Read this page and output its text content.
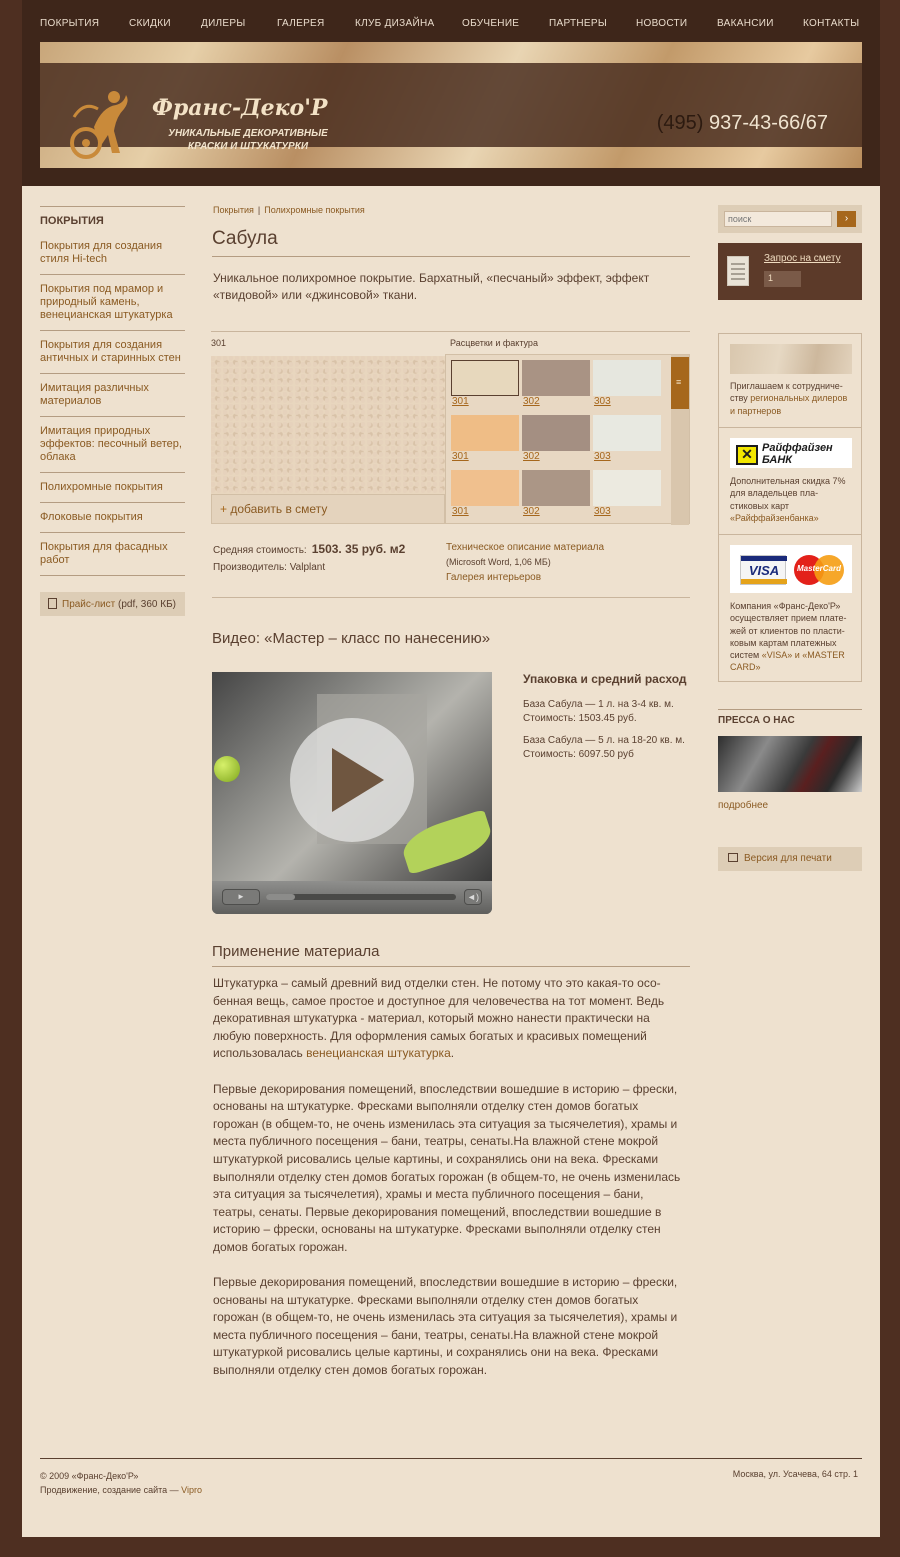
ПОКРЫТИЯ	СКИДКИ	ДИЛЕРЫ	ГАЛЕРЕЯ	КЛУБ ДИЗАЙНА	ОБУЧЕНИЕ	ПАРТНЕРЫ	НОВОСТИ	ВАКАНСИИ	КОНТАКТЫ
Франс-Деко'Р
УНИКАЛЬНЫЕ ДЕКОРАТИВНЫЕ КРАСКИ И ШТУКАТУРКИ
(495) 937-43-66/67
ПОКРЫТИЯ
Покрытия для создания стиля Hi-tech
Покрытия под мрамор и природный камень, венецианская штукатурка
Покрытия для создания античных и старинных стен
Имитация различных материалов
Имитация природных эффектов: песочный ветер, облака
Полихромные покрытия
Флоковые покрытия
Покрытия для фасадных работ
Прайс-лист (pdf, 360 КБ)
Покрытия | Полихромные покрытия
Сабула
Уникальное полихромное покрытие. Бархатный, «песчаный» эффект, эффект «твидовой» или «джинсовой» ткани.
301	Расцветки и фактура
+ добавить в смету
301	302	303
301	302	303
301	302	303
≡
Средняя стоимость: 1503. 35 руб. м2
Производитель: Valplant
Техническое описание материала
(Microsoft Word, 1,06 МБ)
Галерея интерьеров
Видео: «Мастер – класс по нанесению»
►	◄)
Упаковка и средний расход

База Сабула — 1 л. на 3-4 кв. м.
Стоимость: 1503.45 руб.

База Сабула — 5 л. на 18-20 кв. м.
Стоимость: 6097.50 руб

Применение материала

Штукатурка – самый древний вид отделки стен. Не потому что это какая-то особенная вещь, самое простое и доступное для человечества на тот момент. Ведь декоративная штукатурка - материал, который можно нанести практически на любую поверхность. Для оформления самых богатых и красивых помещений использовалась венецианская штукатурка.

Первые декорирования помещений, впоследствии вошедшие в историю – фрески, основаны на штукатурке. Фресками выполняли отделку стен домов богатых горожан (в общем-то, не очень изменилась эта ситуация за тысячелетия), храмы и места публичного посещения – бани, театры, сенаты.На влажной стене мокрой штукатуркой рисовались целые картины, и сохранялись они на века. Фресками выполняли отделку стен домов богатых горожан (в общем-то, не очень изменилась эта ситуация за тысячелетия), храмы и места публичного посещения – бани, театры, сенаты. Первые декорирования помещений, впоследствии вошедшие в историю – фрески, основаны на штукатурке. Фресками выполняли отделку стен домов богатых горожан.

Первые декорирования помещений, впоследствии вошедшие в историю – фрески, основаны на штукатурке. Фресками выполняли отделку стен домов богатых горожан (в общем-то, не очень изменилась эта ситуация за тысячелетия), храмы и места публичного посещения – бани, театры, сенаты.На влажной стене мокрой штукатуркой рисовались целые картины, и сохранялись они на века. Фресками выполняли отделку стен домов богатых горожан.

поиск
›
Запрос на смету
1
Приглашаем к сотрудничеству региональных дилеров и партнеров
✕ Райффайзен
БАНК
Дополнительная скидка 7% для владельцев пластиковых карт «Райффайзенбанка»
VISA	MasterCard
Компания «Франс-Деко'Р» осуществляет прием платежей от клиентов по пластиковым картам платежных систем «VISA» и «MASTER CARD»
ПРЕССА О НАС
подробнее
Версия для печати
© 2009 «Франс-Деко'Р»
Продвижение, создание сайта — Vipro
Москва, ул. Усачева, 64 стр. 1
